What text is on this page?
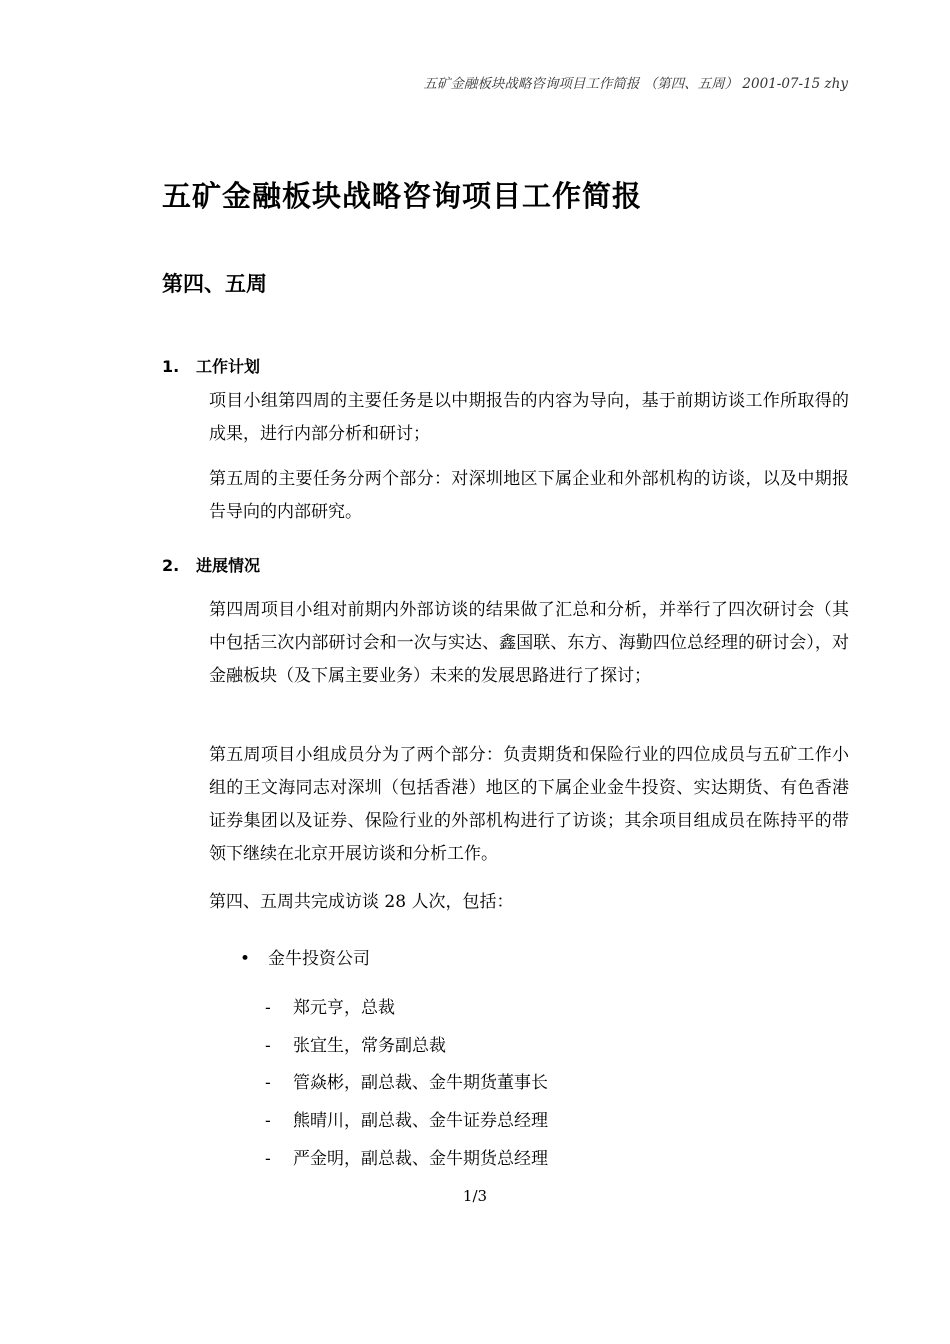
五矿金融板块战略咨询项目工作简报 （第四、五周） 2001-07-15 zhy
五矿金融板块战略咨询项目工作简报
第四、五周
1. 工作计划

项目小组第四周的主要任务是以中期报告的内容为导向，基于前期访谈工作所取得的成果，进行内部分析和研讨；

第五周的主要任务分两个部分：对深圳地区下属企业和外部机构的访谈，以及中期报告导向的内部研究。

2. 进展情况

第四周项目小组对前期内外部访谈的结果做了汇总和分析，并举行了四次研讨会（其中包括三次内部研讨会和一次与实达、鑫国联、东方、海勤四位总经理的研讨会），对金融板块（及下属主要业务）未来的发展思路进行了探讨；

第五周项目小组成员分为了两个部分：负责期货和保险行业的四位成员与五矿工作小组的王文海同志对深圳（包括香港）地区的下属企业金牛投资、实达期货、有色香港证券集团以及证券、保险行业的外部机构进行了访谈；其余项目组成员在陈持平的带领下继续在北京开展访谈和分析工作。

第四、五周共完成访谈 28 人次，包括：

• 金牛投资公司
- 郑元亨，总裁
- 张宜生，常务副总裁
- 管焱彬，副总裁、金牛期货董事长
- 熊晴川，副总裁、金牛证券总经理
- 严金明，副总裁、金牛期货总经理
1/3
